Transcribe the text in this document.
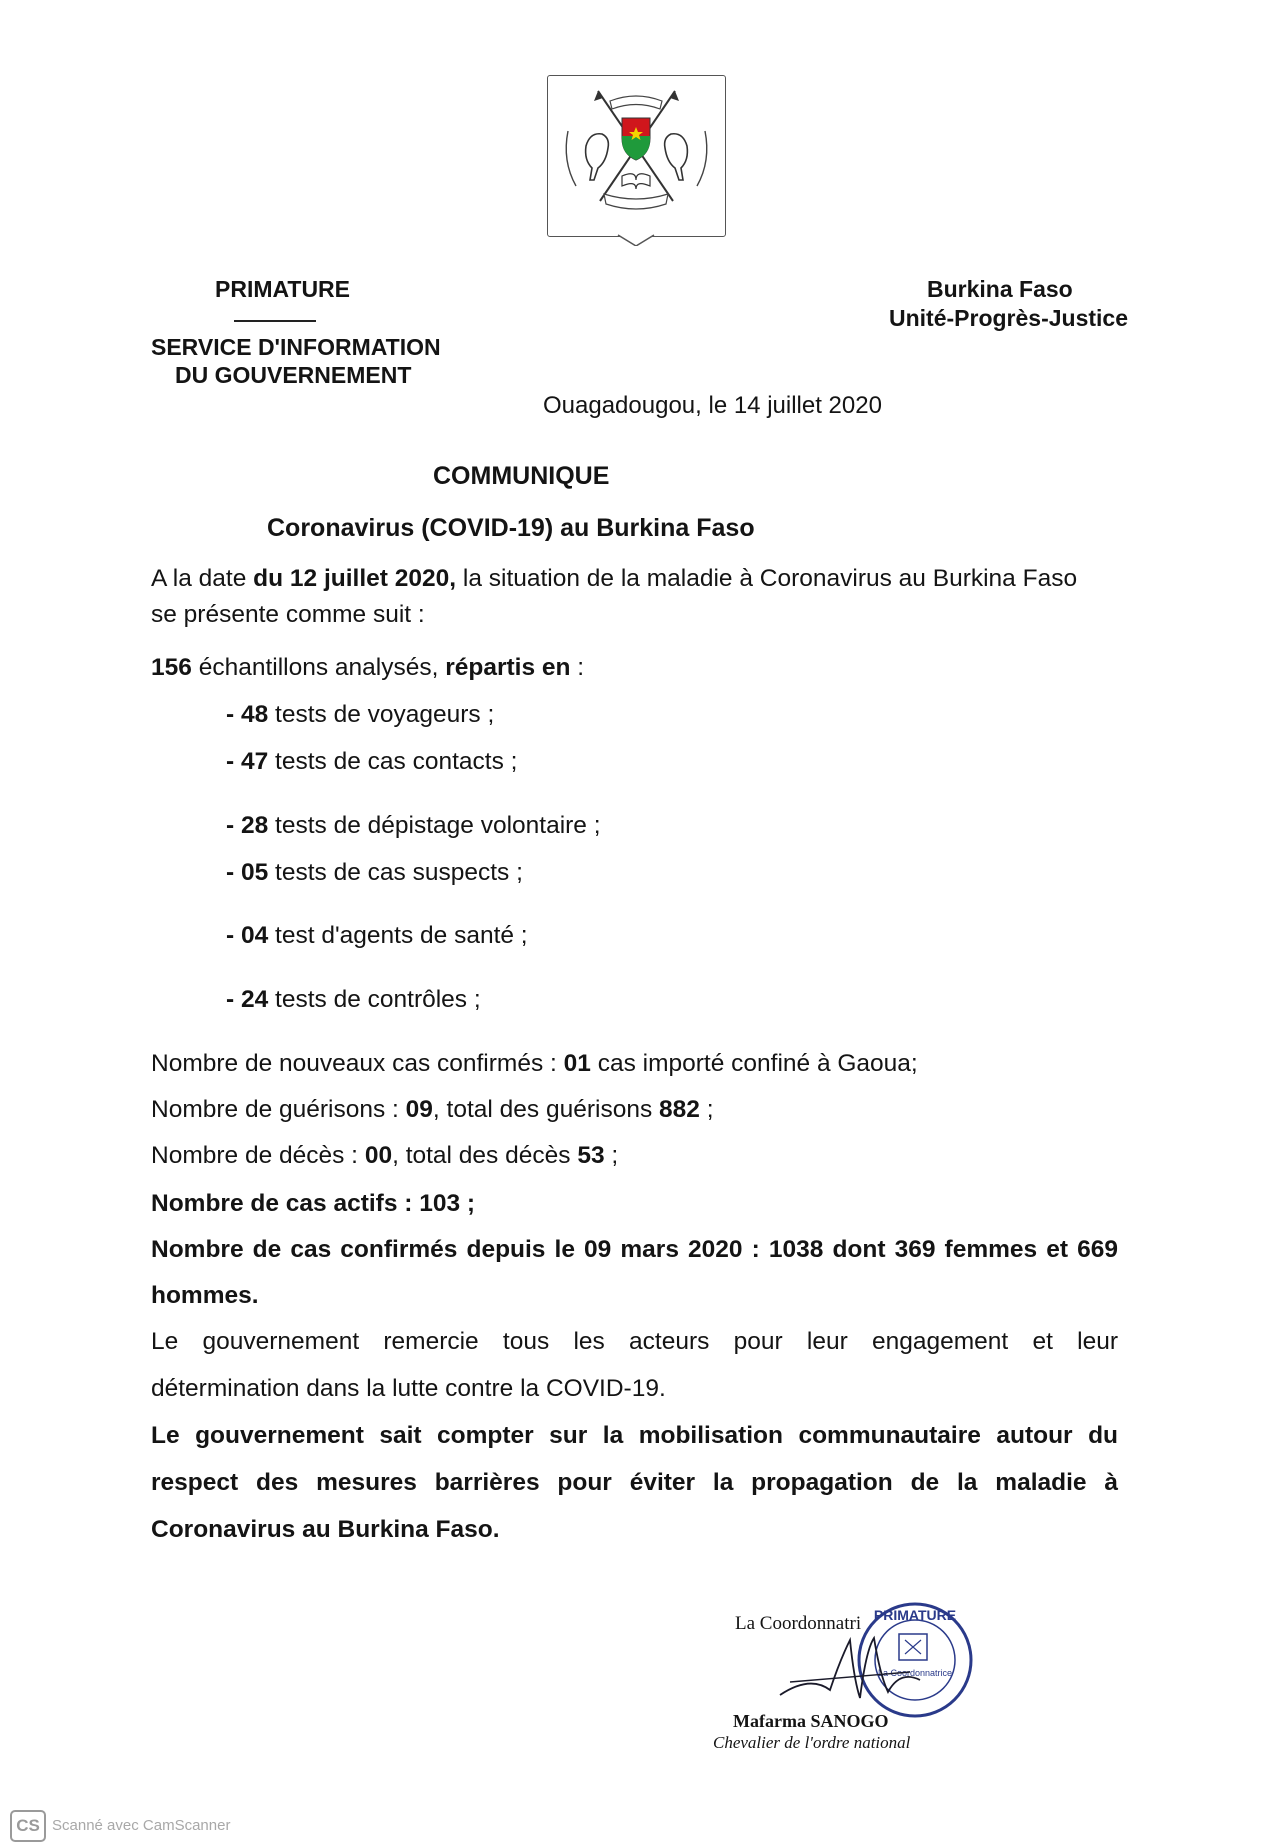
PRIMATURE
SERVICE D'INFORMATION
DU GOUVERNEMENT
Burkina Faso
Unité-Progrès-Justice
Ouagadougou, le 14 juillet 2020
COMMUNIQUE
Coronavirus (COVID-19) au Burkina Faso
A la date du 12 juillet 2020, la situation de la maladie à Coronavirus au Burkina Faso
se présente comme suit :
156 échantillons analysés, répartis en :
- 48 tests de voyageurs ;
- 47 tests de cas contacts ;
- 28 tests de dépistage volontaire ;
- 05 tests de cas suspects ;
- 04 test d'agents de santé ;
- 24 tests de contrôles ;
Nombre de nouveaux cas confirmés : 01 cas importé confiné à Gaoua;
Nombre de guérisons : 09, total des guérisons 882 ;
Nombre de décès : 00, total des décès 53 ;
Nombre de cas actifs : 103 ;
Nombre de cas confirmés depuis le 09 mars 2020 : 1038 dont 369 femmes et 669
hommes.
Le gouvernement remercie tous les acteurs pour leur engagement et leur
détermination dans la lutte contre la COVID-19.
Le gouvernement sait compter sur la mobilisation communautaire autour du
respect des mesures barrières pour éviter la propagation de la maladie à
Coronavirus au Burkina Faso.
La Coordonnatri PRIMATURE
La Coordonnatrice
Mafarma SANOGO
Chevalier de l'ordre national
CS Scanné avec CamScanner
